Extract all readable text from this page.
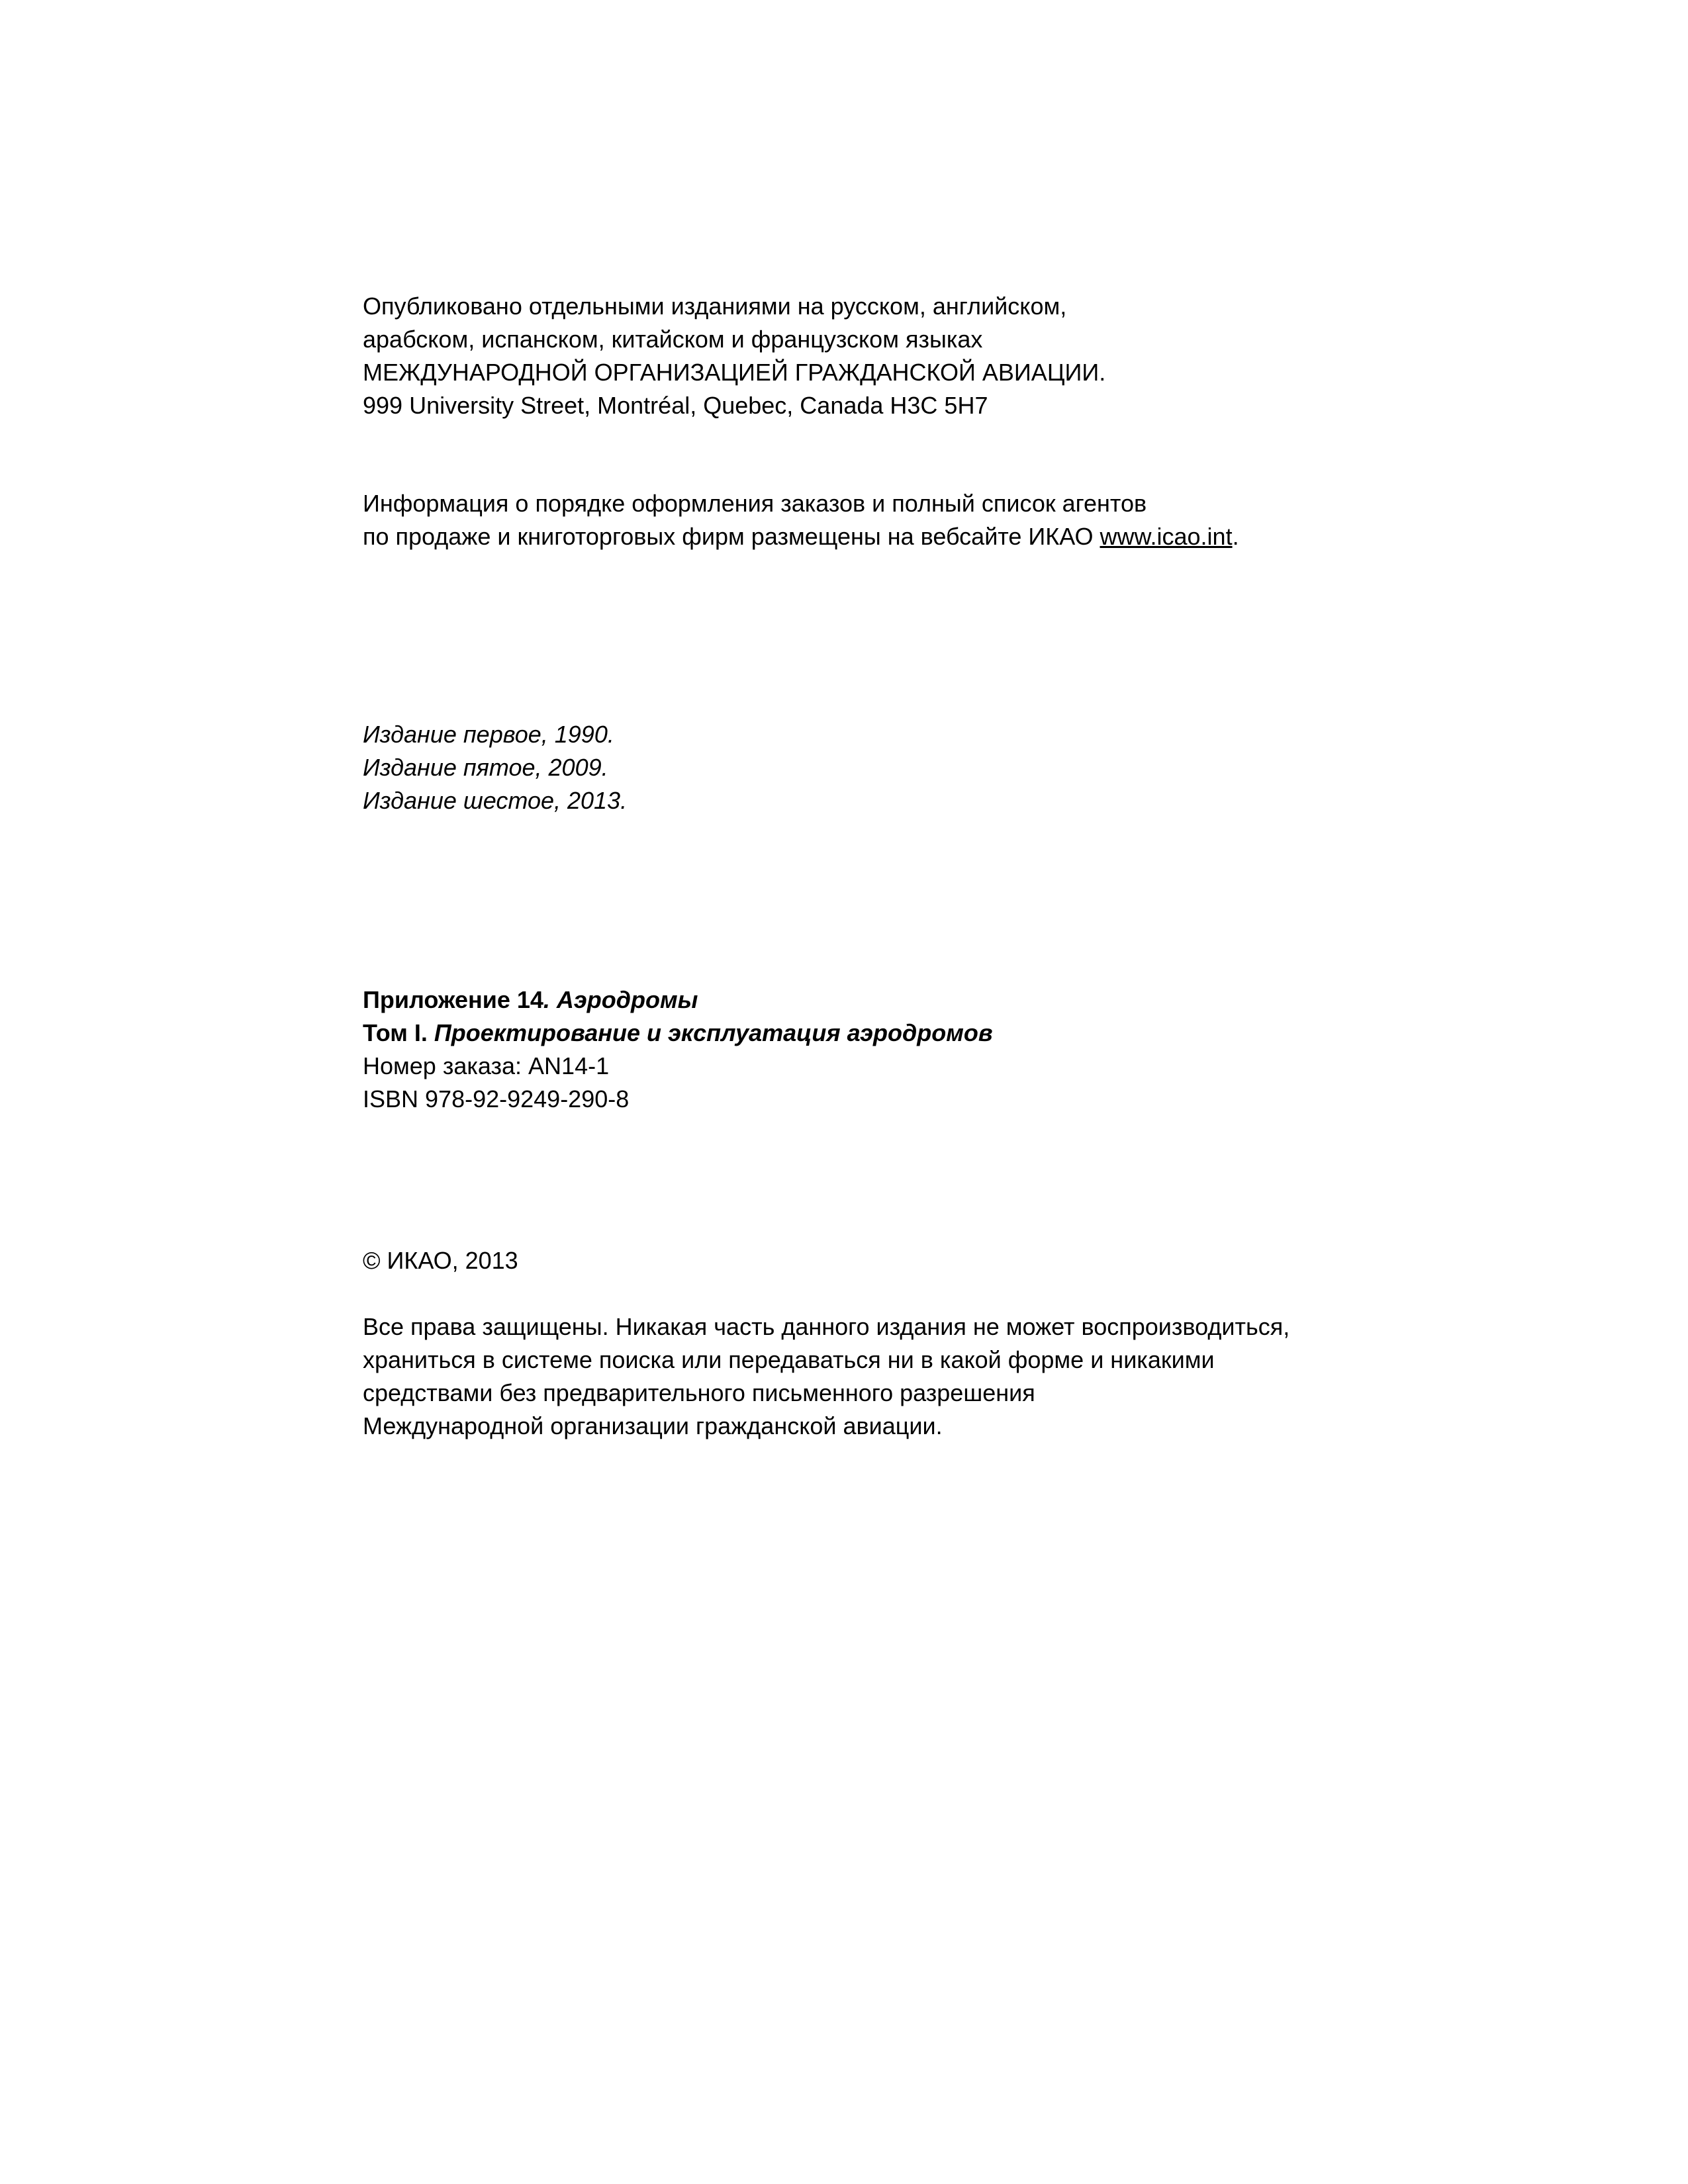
Опубликовано отдельными изданиями на русском, английском,
арабском, испанском, китайском и французском языках
МЕЖДУНАРОДНОЙ ОРГАНИЗАЦИЕЙ ГРАЖДАНСКОЙ АВИАЦИИ.
999 University Street, Montréal, Quebec, Canada H3C 5H7
Информация о порядке оформления заказов и полный список агентов
по продаже и книготорговых фирм размещены на вебсайте ИКАО www.icao.int.
Издание первое, 1990.
Издание пятое, 2009.
Издание шестое, 2013.
Приложение 14. Аэродромы
Том I. Проектирование и эксплуатация аэродромов
Номер заказа: AN14-1
ISBN 978-92-9249-290-8
© ИКАО, 2013
Все права защищены. Никакая часть данного издания не может воспроизводиться,
храниться в системе поиска или передаваться ни в какой форме и никакими
средствами без предварительного письменного разрешения
Международной организации гражданской авиации.
